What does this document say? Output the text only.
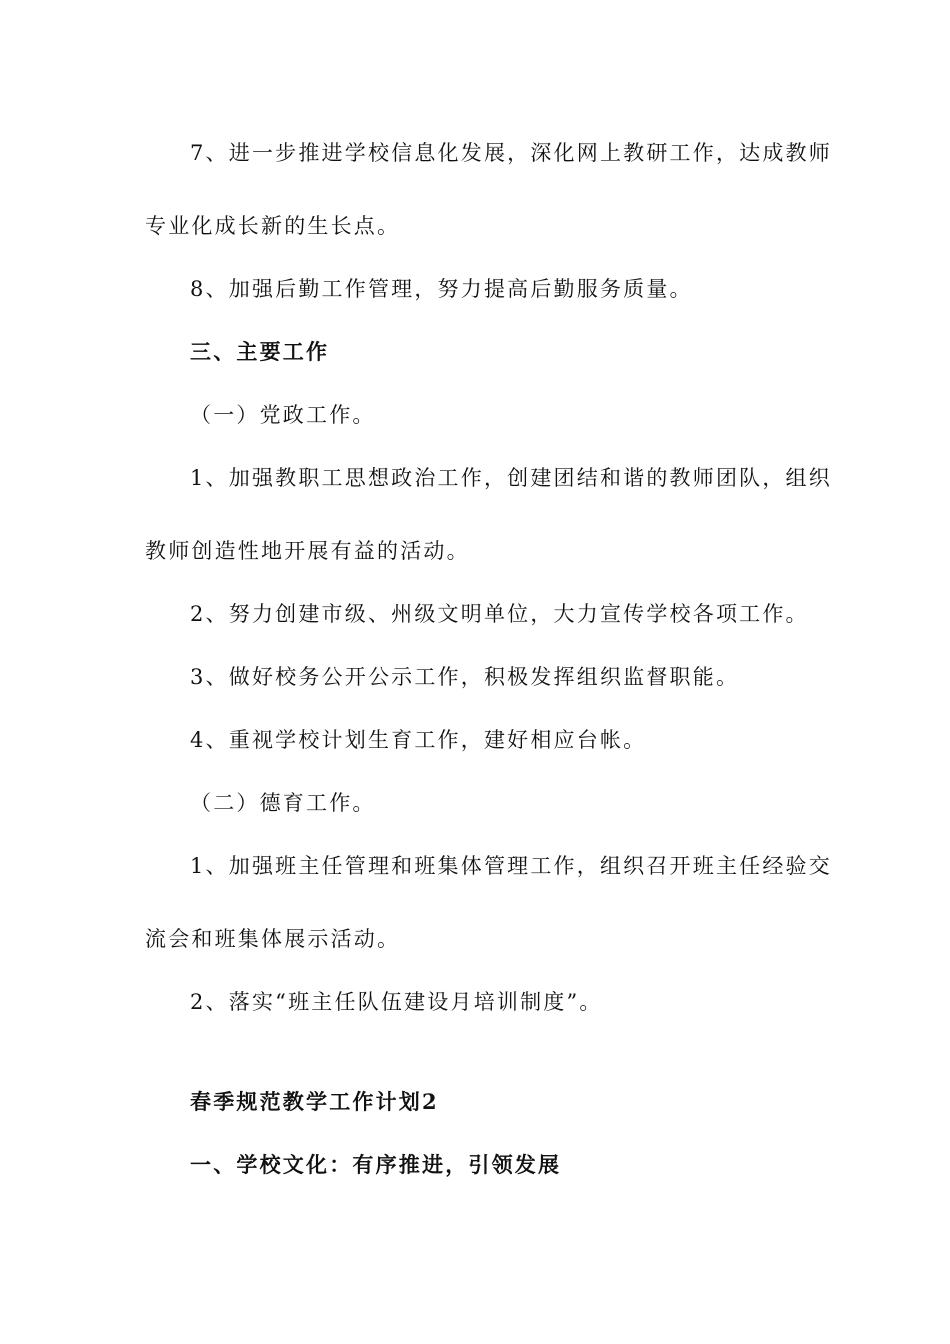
7、进一步推进学校信息化发展，深化网上教研工作，达成教师
专业化成长新的生长点。
8、加强后勤工作管理，努力提高后勤服务质量。
三、主要工作
（一）党政工作。
1、加强教职工思想政治工作，创建团结和谐的教师团队，组织
教师创造性地开展有益的活动。
2、努力创建市级、州级文明单位，大力宣传学校各项工作。
3、做好校务公开公示工作，积极发挥组织监督职能。
4、重视学校计划生育工作，建好相应台帐。
（二）德育工作。
1、加强班主任管理和班集体管理工作，组织召开班主任经验交
流会和班集体展示活动。
2、落实“班主任队伍建设月培训制度”。
春季规范教学工作计划2
一、学校文化：有序推进，引领发展
